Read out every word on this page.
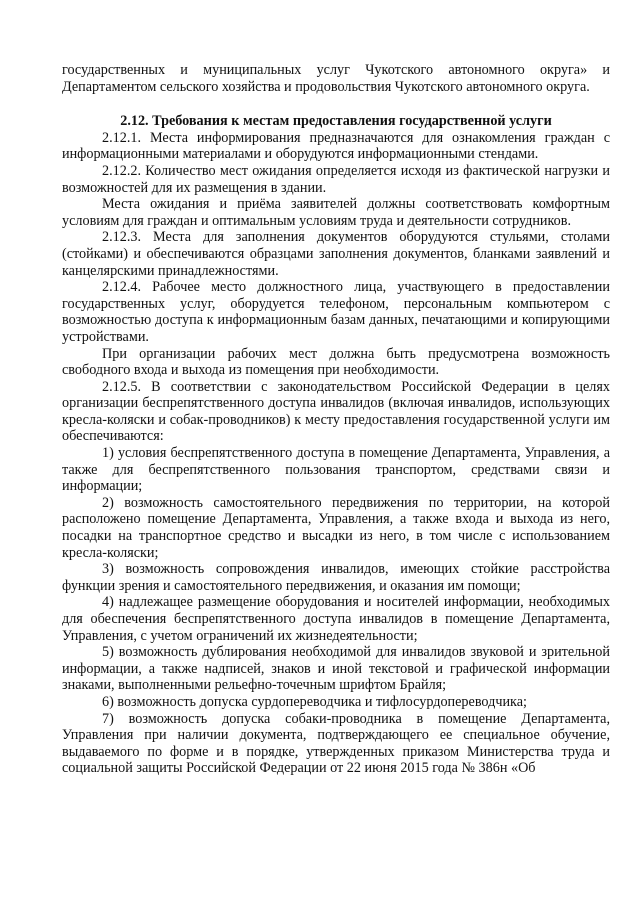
государственных и муниципальных услуг Чукотского автономного округа» и Департаментом сельского хозяйства и продовольствия Чукотского автономного округа.

2.12. Требования к местам предоставления государственной услуги

2.12.1. Места информирования предназначаются для ознакомления граждан с информационными материалами и оборудуются информационными стендами.

2.12.2. Количество мест ожидания определяется исходя из фактической нагрузки и возможностей для их размещения в здании.

Места ожидания и приёма заявителей должны соответствовать комфортным условиям для граждан и оптимальным условиям труда и деятельности сотрудников.

2.12.3. Места для заполнения документов оборудуются стульями, столами (стойками) и обеспечиваются образцами заполнения документов, бланками заявлений и канцелярскими принадлежностями.

2.12.4. Рабочее место должностного лица, участвующего в предоставлении государственных услуг, оборудуется телефоном, персональным компьютером с возможностью доступа к информационным базам данных, печатающими и копирующими устройствами.

При организации рабочих мест должна быть предусмотрена возможность свободного входа и выхода из помещения при необходимости.

2.12.5. В соответствии с законодательством Российской Федерации в целях организации беспрепятственного доступа инвалидов (включая инвалидов, использующих кресла-коляски и собак-проводников) к месту предоставления государственной услуги им обеспечиваются:

1) условия беспрепятственного доступа в помещение Департамента, Управления, а также для беспрепятственного пользования транспортом, средствами связи и информации;

2) возможность самостоятельного передвижения по территории, на которой расположено помещение Департамента, Управления, а также входа и выхода из него, посадки на транспортное средство и высадки из него, в том числе с использованием кресла-коляски;

3) возможность сопровождения инвалидов, имеющих стойкие расстройства функции зрения и самостоятельного передвижения, и оказания им помощи;

4) надлежащее размещение оборудования и носителей информации, необходимых для обеспечения беспрепятственного доступа инвалидов в помещение Департамента, Управления, с учетом ограничений их жизнедеятельности;

5) возможность дублирования необходимой для инвалидов звуковой и зрительной информации, а также надписей, знаков и иной текстовой и графической информации знаками, выполненными рельефно-точечным шрифтом Брайля;

6) возможность допуска сурдопереводчика и тифлосурдопереводчика;

7) возможность допуска собаки-проводника в помещение Департамента, Управления при наличии документа, подтверждающего ее специальное обучение, выдаваемого по форме и в порядке, утвержденных приказом Министерства труда и социальной защиты Российской Федерации от 22 июня 2015 года № 386н «Об
